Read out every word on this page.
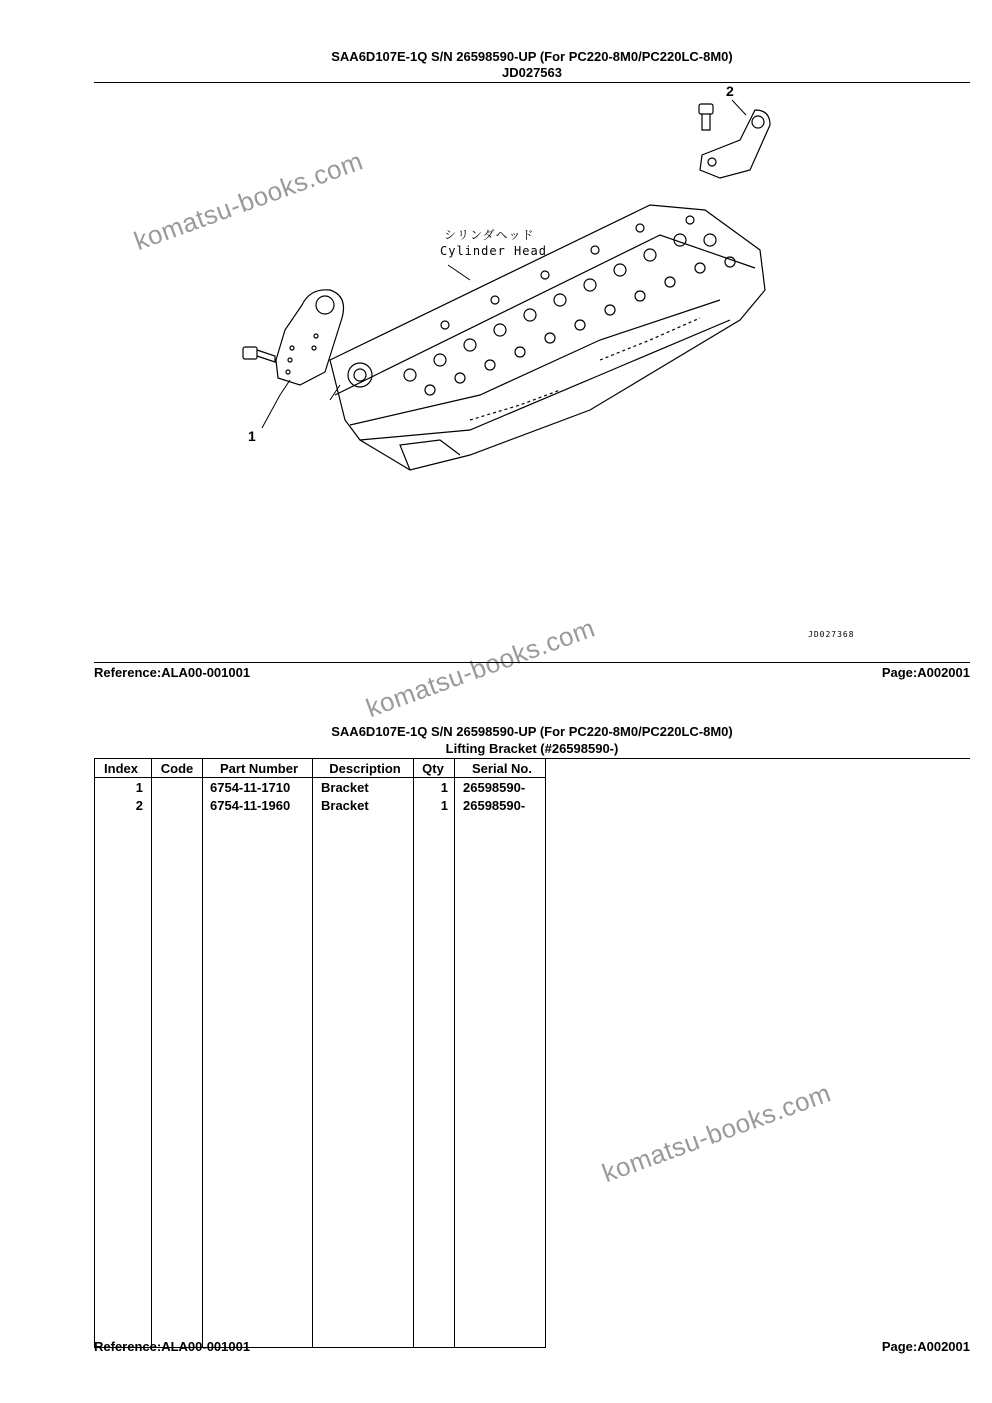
SAA6D107E-1Q S/N 26598590-UP (For PC220-8M0/PC220LC-8M0)
JD027563
komatsu-books.com
komatsu-books.com
komatsu-books.com
シリンダヘッド
Cylinder Head
1
2
JD027368
Reference:ALA00-001001	Page:A002001
SAA6D107E-1Q S/N 26598590-UP (For PC220-8M0/PC220LC-8M0)
Lifting Bracket (#26598590-)
Index	Code	Part Number	Description	Qty	Serial No.
1		6754-11-1710	Bracket	1	26598590-
2		6754-11-1960	Bracket	1	26598590-

Reference:ALA00-001001	Page:A002001
